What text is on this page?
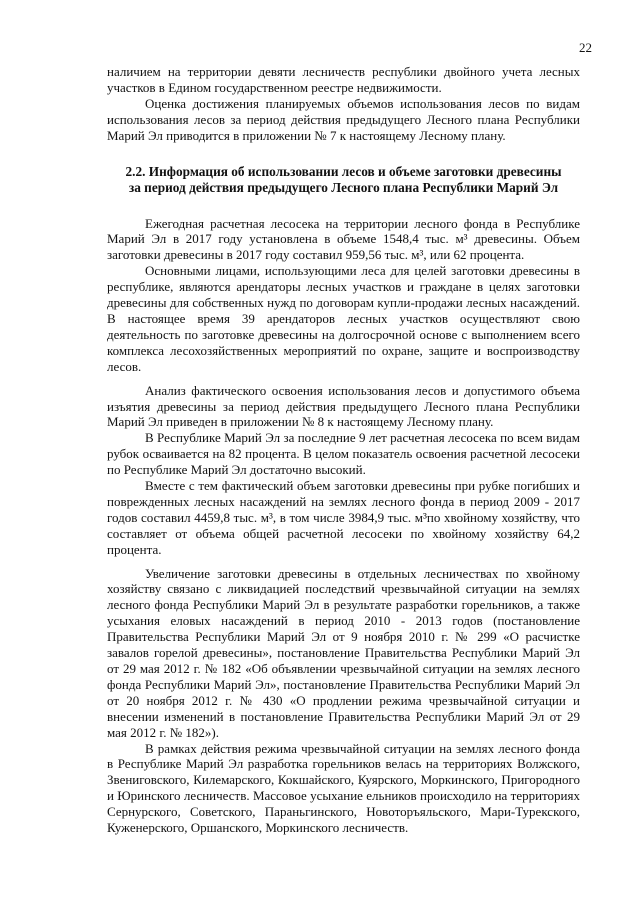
22

наличием на территории девяти лесничеств республики двойного учета лесных участков в Едином государственном реестре недвижимости.

Оценка достижения планируемых объемов использования лесов по видам использования лесов за период действия предыдущего Лесного плана Республики Марий Эл приводится в приложении № 7 к настоящему Лесному плану.

2.2. Информация об использовании лесов и объеме заготовки древесины
за период действия предыдущего Лесного плана Республики Марий Эл

Ежегодная расчетная лесосека на территории лесного фонда в Республике Марий Эл в 2017 году установлена в объеме 1548,4 тыс. м³ древесины. Объем заготовки древесины в 2017 году составил 959,56 тыс. м³, или 62 процента.

Основными лицами, использующими леса для целей заготовки древесины в республике, являются арендаторы лесных участков и граждане в целях заготовки древесины для собственных нужд по договорам купли-продажи лесных насаждений. В настоящее время 39 арендаторов лесных участков осуществляют свою деятельность по заготовке древесины на долгосрочной основе с выполнением всего комплекса лесохозяйственных мероприятий по охране, защите и воспроизводству лесов.

Анализ фактического освоения использования лесов и допустимого объема изъятия древесины за период действия предыдущего Лесного плана Республики Марий Эл приведен в приложении № 8 к настоящему Лесному плану.

В Республике Марий Эл за последние 9 лет расчетная лесосека по всем видам рубок осваивается на 82 процента. В целом показатель освоения расчетной лесосеки по Республике Марий Эл достаточно высокий.

Вместе с тем фактический объем заготовки древесины при рубке погибших и поврежденных лесных насаждений на землях лесного фонда в период 2009 - 2017 годов составил 4459,8 тыс. м³, в том числе 3984,9 тыс. м³по хвойному хозяйству, что составляет от объема общей расчетной лесосеки по хвойному хозяйству 64,2 процента.

Увеличение заготовки древесины в отдельных лесничествах по хвойному хозяйству связано с ликвидацией последствий чрезвычайной ситуации на землях лесного фонда Республики Марий Эл в результате разработки горельников, а также усыхания еловых насаждений в период 2010 - 2013 годов (постановление Правительства Республики Марий Эл от 9 ноября 2010 г. № 299 «О расчистке завалов горелой древесины», постановление Правительства Республики Марий Эл от 29 мая 2012 г. № 182 «Об объявлении чрезвычайной ситуации на землях лесного фонда Республики Марий Эл», постановление Правительства Республики Марий Эл от 20 ноября 2012 г. № 430 «О продлении режима чрезвычайной ситуации и внесении изменений в постановление Правительства Республики Марий Эл от 29 мая 2012 г. № 182»).

В рамках действия режима чрезвычайной ситуации на землях лесного фонда в Республике Марий Эл разработка горельников велась на территориях Волжского, Звениговского, Килемарского, Кокшайского, Куярского, Моркинского, Пригородного и Юринского лесничеств. Массовое усыхание ельников происходило на территориях Сернурского, Советского, Параньгинского, Новоторъяльского, Мари-Турекского, Куженерского, Оршанского, Моркинского лесничеств.
